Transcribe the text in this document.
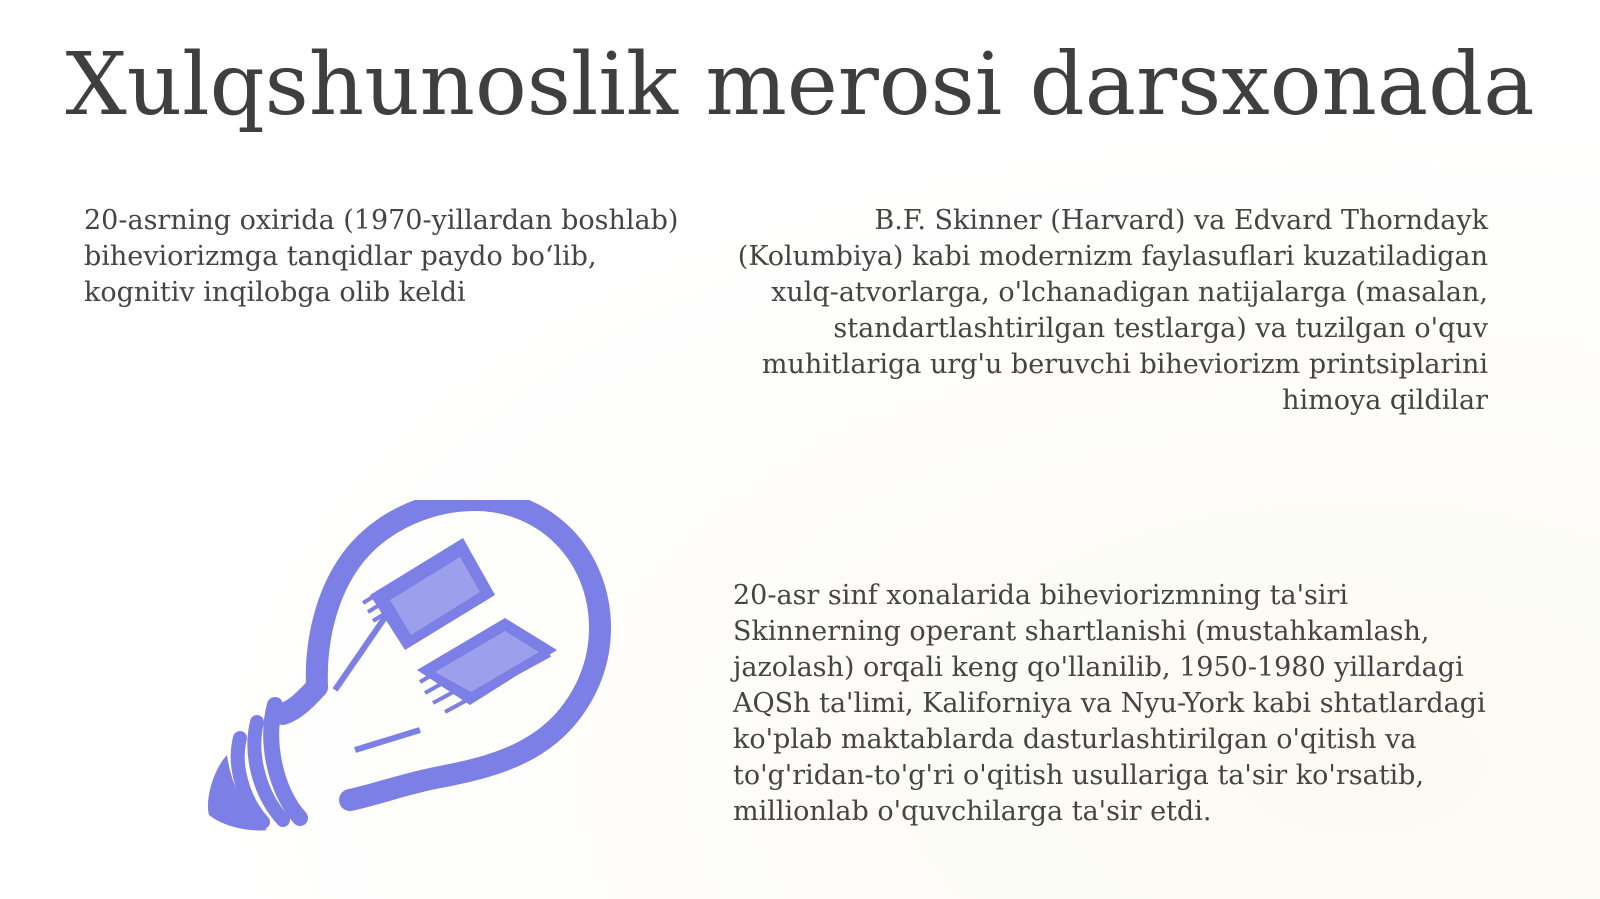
Xulqshunoslik merosi darsxonada
20-asrning oxirida (1970-yillardan boshlab) biheviorizmga tanqidlar paydo bo‘lib, kognitiv inqilobga olib keldi
B.F. Skinner (Harvard) va Edvard Thorndayk (Kolumbiya) kabi modernizm faylasuflari kuzatiladigan xulq-atvorlarga, o'lchanadigan natijalarga (masalan, standartlashtirilgan testlarga) va tuzilgan o'quv muhitlariga urg'u beruvchi biheviorizm printsiplarini himoya qildilar
20-asr sinf xonalarida biheviorizmning ta'siri Skinnerning operant shartlanishi (mustahkamlash, jazolash) orqali keng qo'llanilib, 1950-1980 yillardagi AQSh ta'limi, Kaliforniya va Nyu-York kabi shtatlardagi ko'plab maktablarda dasturlashtirilgan o'qitish va to'g'ridan-to'g'ri o'qitish usullariga ta'sir ko'rsatib, millionlab o'quvchilarga ta'sir etdi.
